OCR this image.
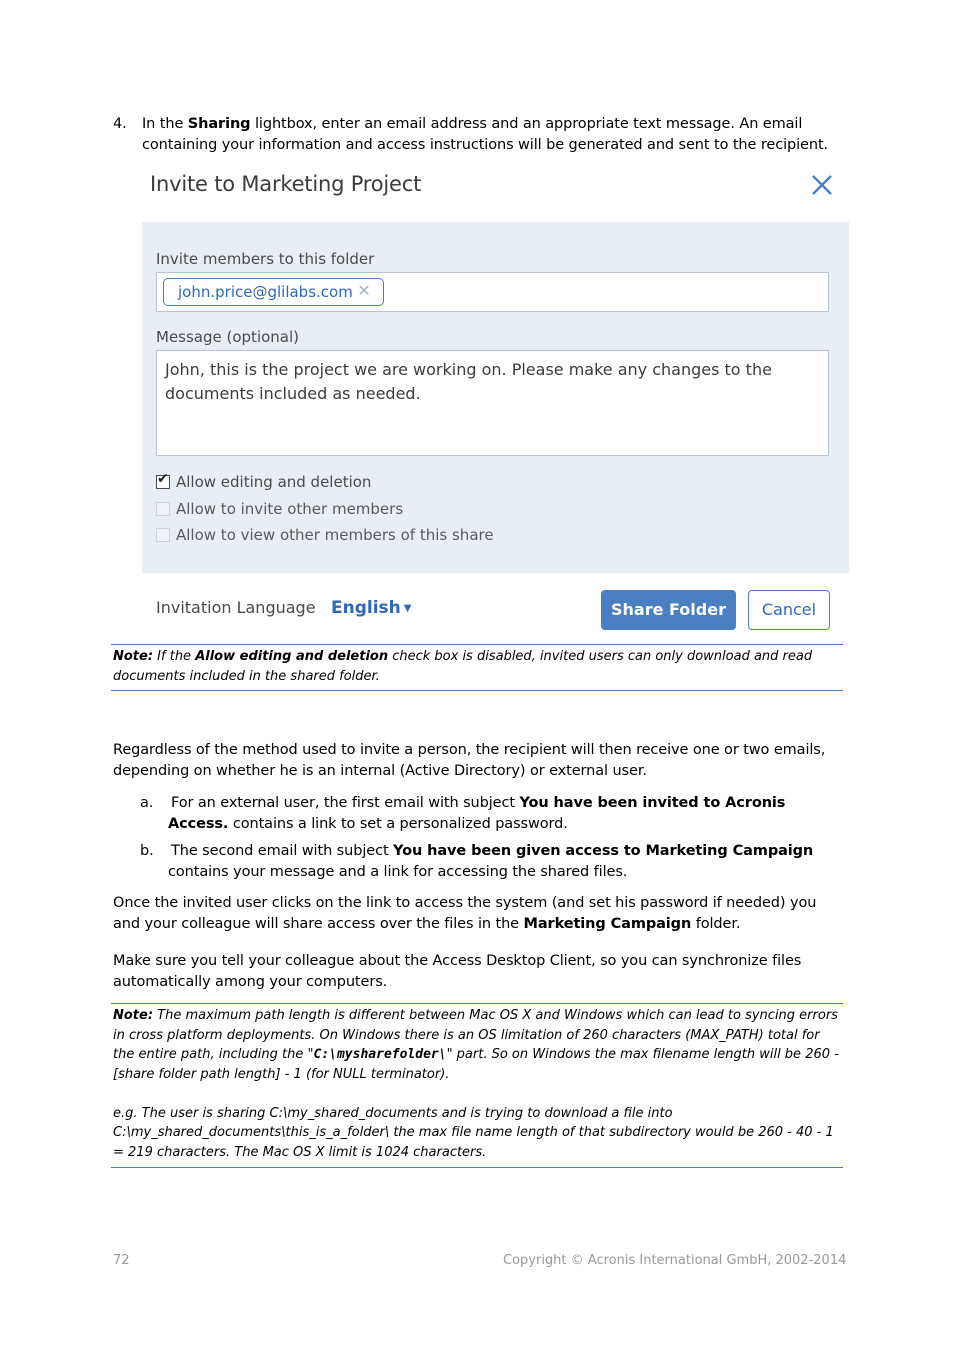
4. In the Sharing lightbox, enter an email address and an appropriate text message. An email containing your information and access instructions will be generated and sent to the recipient.
Invite to Marketing Project
Invite members to this folder
john.price@glilabs.com ✕
Message (optional)
John, this is the project we are working on. Please make any changes to the documents included as needed.
✔
Allow editing and deletion
Allow to invite other members
Allow to view other members of this share
Invitation Language English ▼	Share Folder	Cancel
Note: If the Allow editing and deletion check box is disabled, invited users can only download and read documents included in the shared folder.
Regardless of the method used to invite a person, the recipient will then receive one or two emails, depending on whether he is an internal (Active Directory) or external user.
a. For an external user, the first email with subject You have been invited to Acronis Access. contains a link to set a personalized password.
b. The second email with subject You have been given access to Marketing Campaign contains your message and a link for accessing the shared files.
Once the invited user clicks on the link to access the system (and set his password if needed) you and your colleague will share access over the files in the Marketing Campaign folder.
Make sure you tell your colleague about the Access Desktop Client, so you can synchronize files automatically among your computers.
Note: The maximum path length is different between Mac OS X and Windows which can lead to syncing errors in cross platform deployments. On Windows there is an OS limitation of 260 characters (MAX_PATH) total for the entire path, including the "C:\mysharefolder\" part. So on Windows the max filename length will be 260 - [share folder path length] - 1 (for NULL terminator).
e.g. The user is sharing C:\my_shared_documents and is trying to download a file into C:\my_shared_documents\this_is_a_folder\ the max file name length of that subdirectory would be 260 - 40 - 1 = 219 characters. The Mac OS X limit is 1024 characters.
72	Copyright © Acronis International GmbH, 2002-2014
